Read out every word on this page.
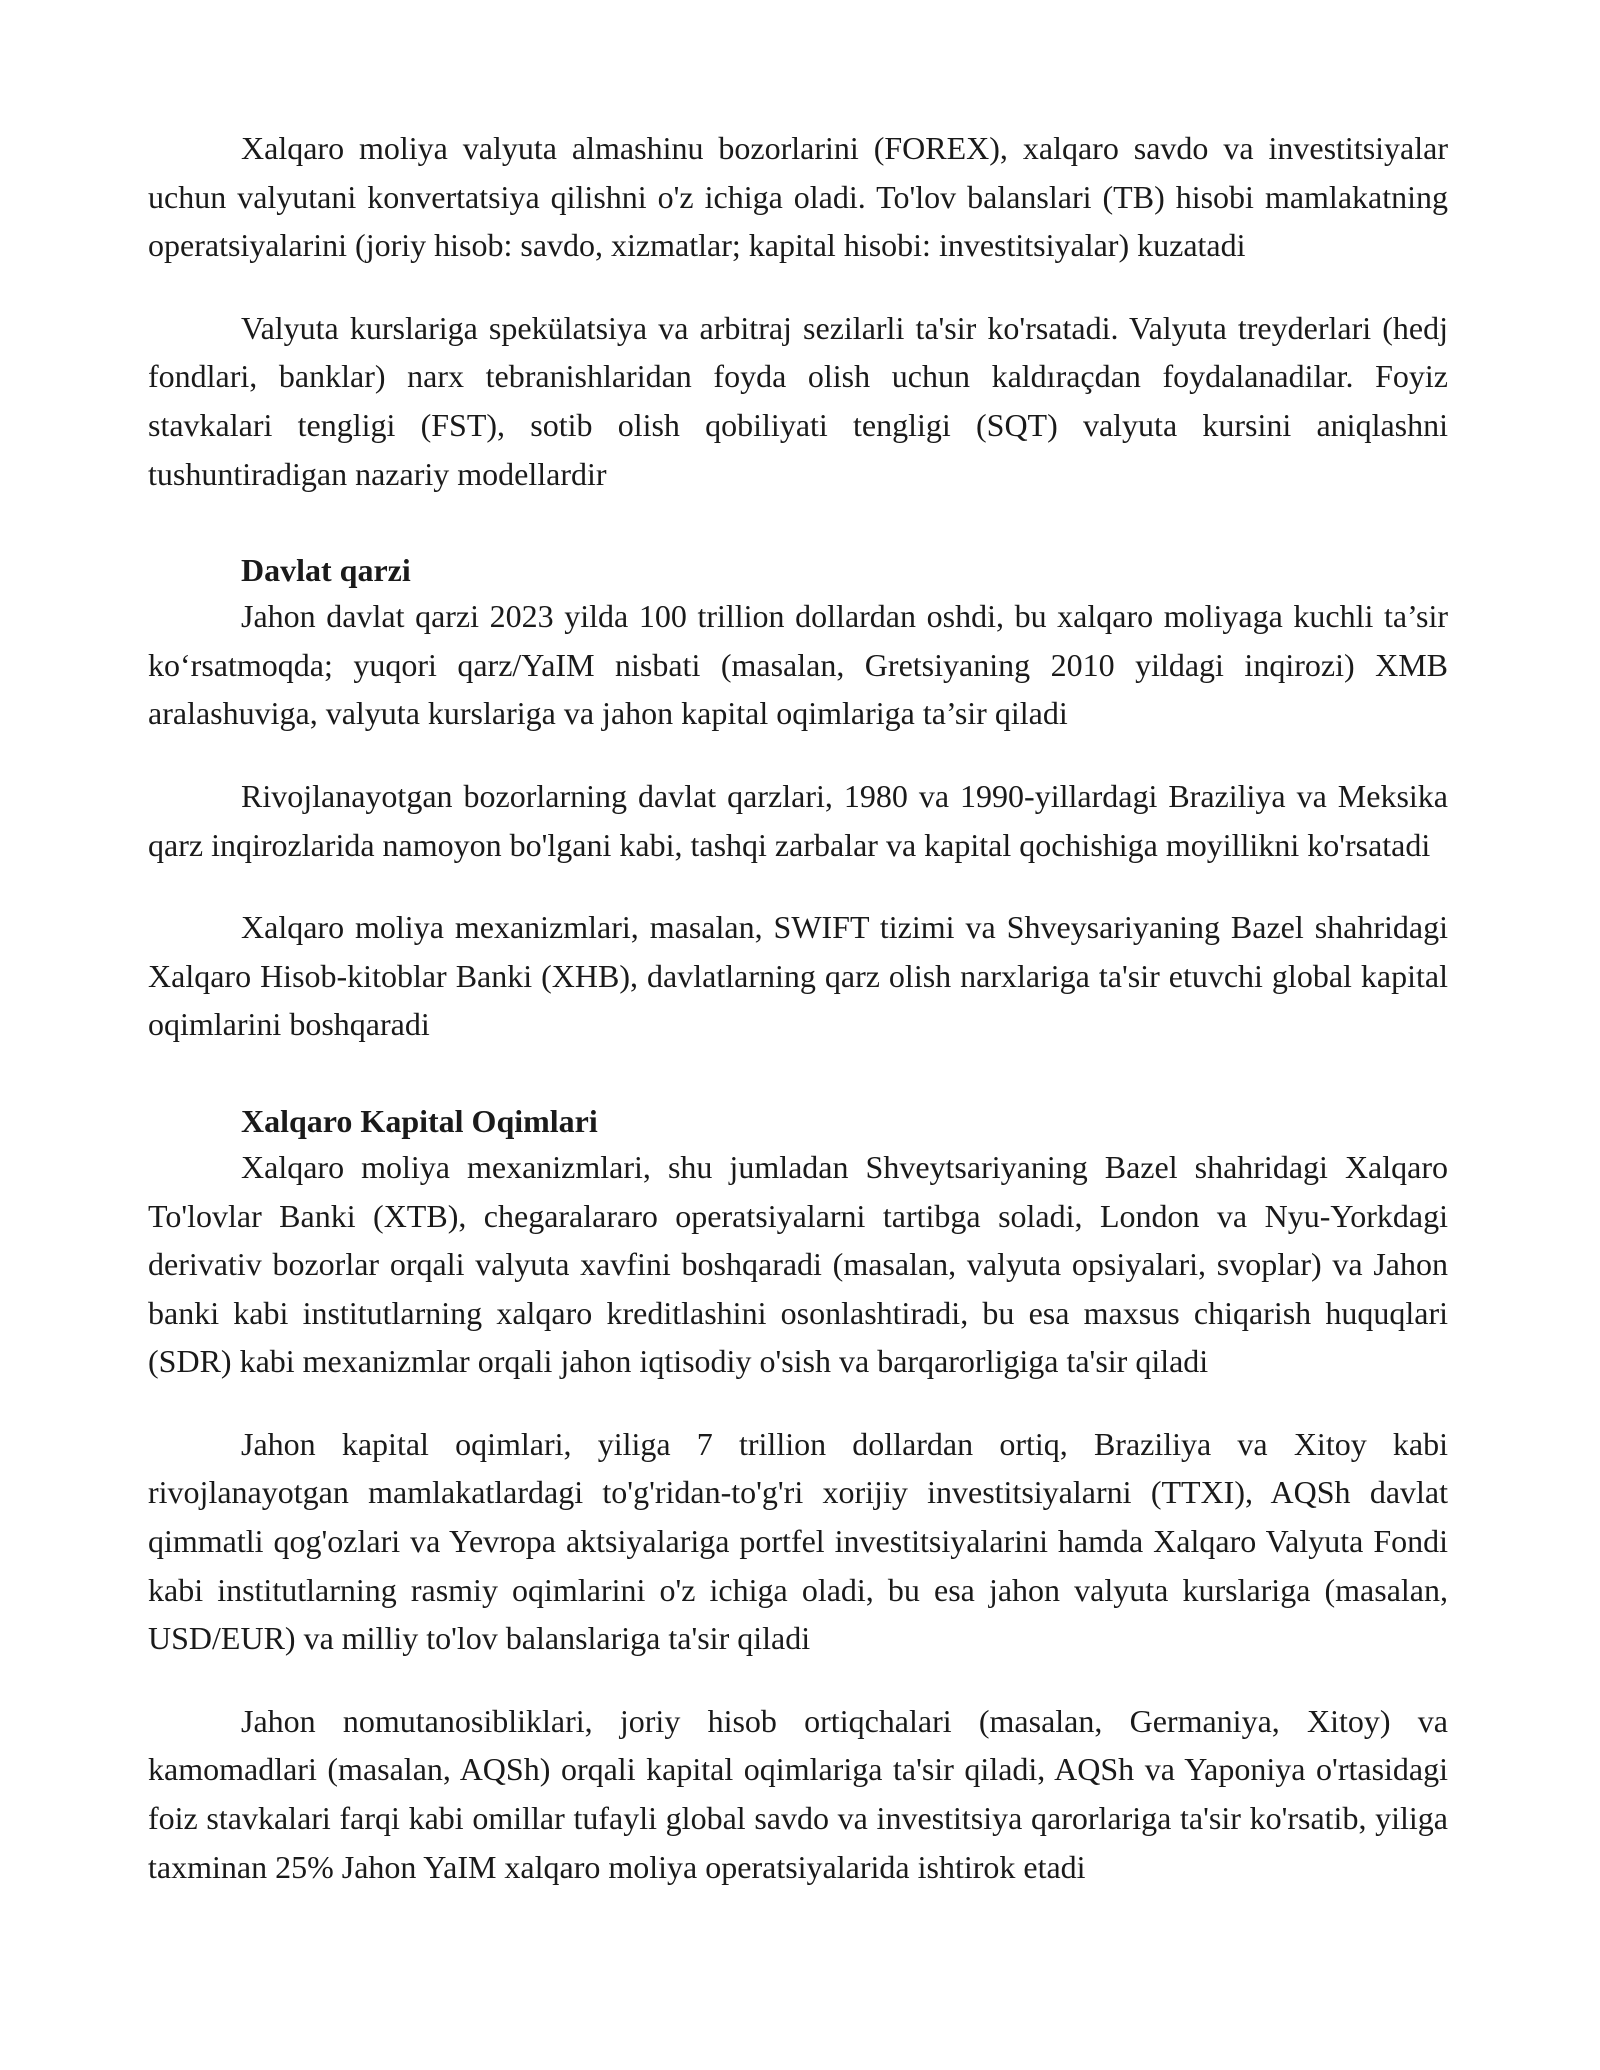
Xalqaro moliya valyuta almashinu bozorlarini (FOREX), xalqaro savdo va investitsiyalar uchun valyutani konvertatsiya qilishni o'z ichiga oladi. To'lov balanslari (TB) hisobi mamlakatning operatsiyalarini (joriy hisob: savdo, xizmatlar; kapital hisobi: investitsiyalar) kuzatadi

Valyuta kurslariga spekülatsiya va arbitraj sezilarli ta'sir ko'rsatadi. Valyuta treyderlari (hedj fondlari, banklar) narx tebranishlaridan foyda olish uchun kaldıraçdan foydalanadilar. Foyiz stavkalari tengligi (FST), sotib olish qobiliyati tengligi (SQT) valyuta kursini aniqlashni tushuntiradigan nazariy modellardir

Davlat qarzi

Jahon davlat qarzi 2023 yilda 100 trillion dollardan oshdi, bu xalqaro moliyaga kuchli ta’sir ko‘rsatmoqda; yuqori qarz/YaIM nisbati (masalan, Gretsiyaning 2010 yildagi inqirozi) XMB aralashuviga, valyuta kurslariga va jahon kapital oqimlariga ta’sir qiladi

Rivojlanayotgan bozorlarning davlat qarzlari, 1980 va 1990-yillardagi Braziliya va Meksika qarz inqirozlarida namoyon bo'lgani kabi, tashqi zarbalar va kapital qochishiga moyillikni ko'rsatadi

Xalqaro moliya mexanizmlari, masalan, SWIFT tizimi va Shveysariyaning Bazel shahridagi Xalqaro Hisob-kitoblar Banki (XHB), davlatlarning qarz olish narxlariga ta'sir etuvchi global kapital oqimlarini boshqaradi

Xalqaro Kapital Oqimlari

Xalqaro moliya mexanizmlari, shu jumladan Shveytsariyaning Bazel shahridagi Xalqaro To'lovlar Banki (XTB), chegaralararo operatsiyalarni tartibga soladi, London va Nyu-Yorkdagi derivativ bozorlar orqali valyuta xavfini boshqaradi (masalan, valyuta opsiyalari, svoplar) va Jahon banki kabi institutlarning xalqaro kreditlashini osonlashtiradi, bu esa maxsus chiqarish huquqlari (SDR) kabi mexanizmlar orqali jahon iqtisodiy o'sish va barqarorligiga ta'sir qiladi

Jahon kapital oqimlari, yiliga 7 trillion dollardan ortiq, Braziliya va Xitoy kabi rivojlanayotgan mamlakatlardagi to'g'ridan-to'g'ri xorijiy investitsiyalarni (TTXI), AQSh davlat qimmatli qog'ozlari va Yevropa aktsiyalariga portfel investitsiyalarini hamda Xalqaro Valyuta Fondi kabi institutlarning rasmiy oqimlarini o'z ichiga oladi, bu esa jahon valyuta kurslariga (masalan, USD/EUR) va milliy to'lov balanslariga ta'sir qiladi

Jahon nomutanosibliklari, joriy hisob ortiqchalari (masalan, Germaniya, Xitoy) va kamomadlari (masalan, AQSh) orqali kapital oqimlariga ta'sir qiladi, AQSh va Yaponiya o'rtasidagi foiz stavkalari farqi kabi omillar tufayli global savdo va investitsiya qarorlariga ta'sir ko'rsatib, yiliga taxminan 25% Jahon YaIM xalqaro moliya operatsiyalarida ishtirok etadi
